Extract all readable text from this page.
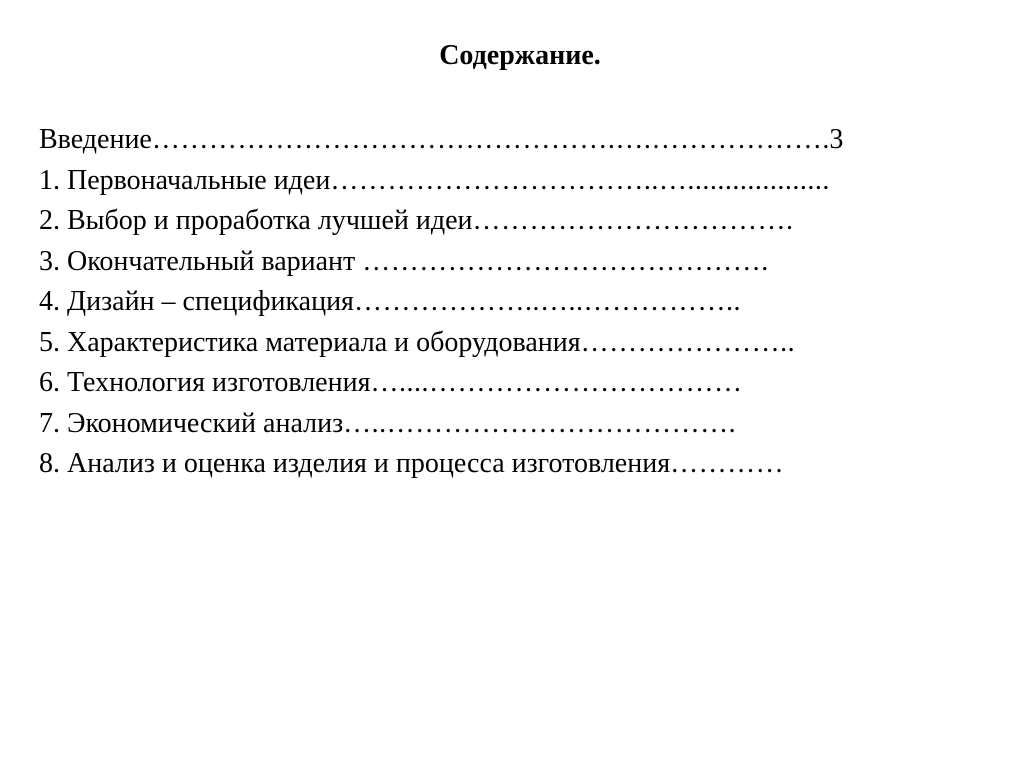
Содержание.
Введение………………………………………….….……………….3
1. Первоначальные идеи……………………………..…...................
2. Выбор и проработка лучшей идеи…………………………….
3. Окончательный вариант …………………………………….
4. Дизайн – спецификация………………..…..……………..
5. Характеристика материала и оборудования…………………..
6. Технология изготовления…....……………………………
7. Экономический анализ…..……………………………….
8. Анализ и оценка изделия и процесса изготовления…………
